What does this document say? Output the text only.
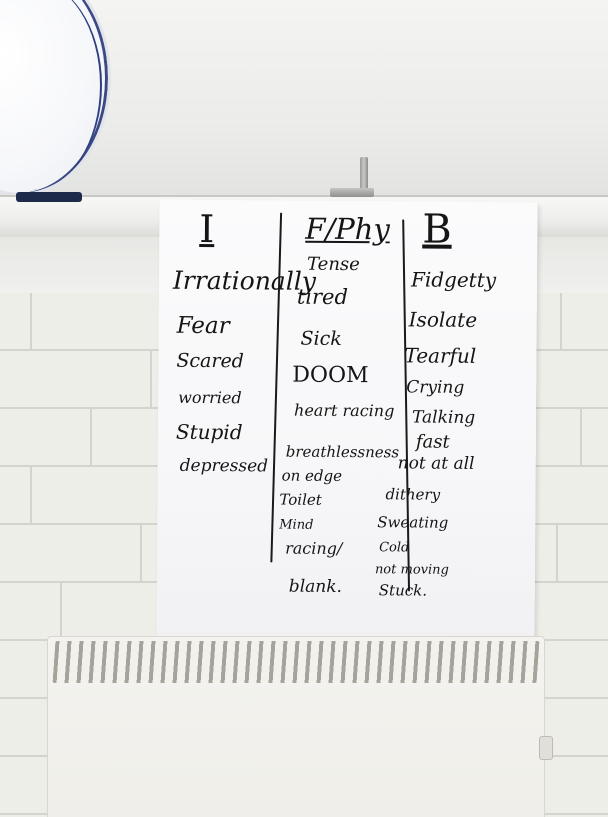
I	F/Phy B
Irrationally
Fear
Scared
worried
Stupid
depressed
Tense
tired
Sick
DOOM
heart racing
breathlessness
on edge
Toilet
Mind
racing/
blank.
Fidgetty
Isolate
Tearful
Crying
Talking
fast
not at all
dithery
Sweating
Cold
not moving
Stuck.
